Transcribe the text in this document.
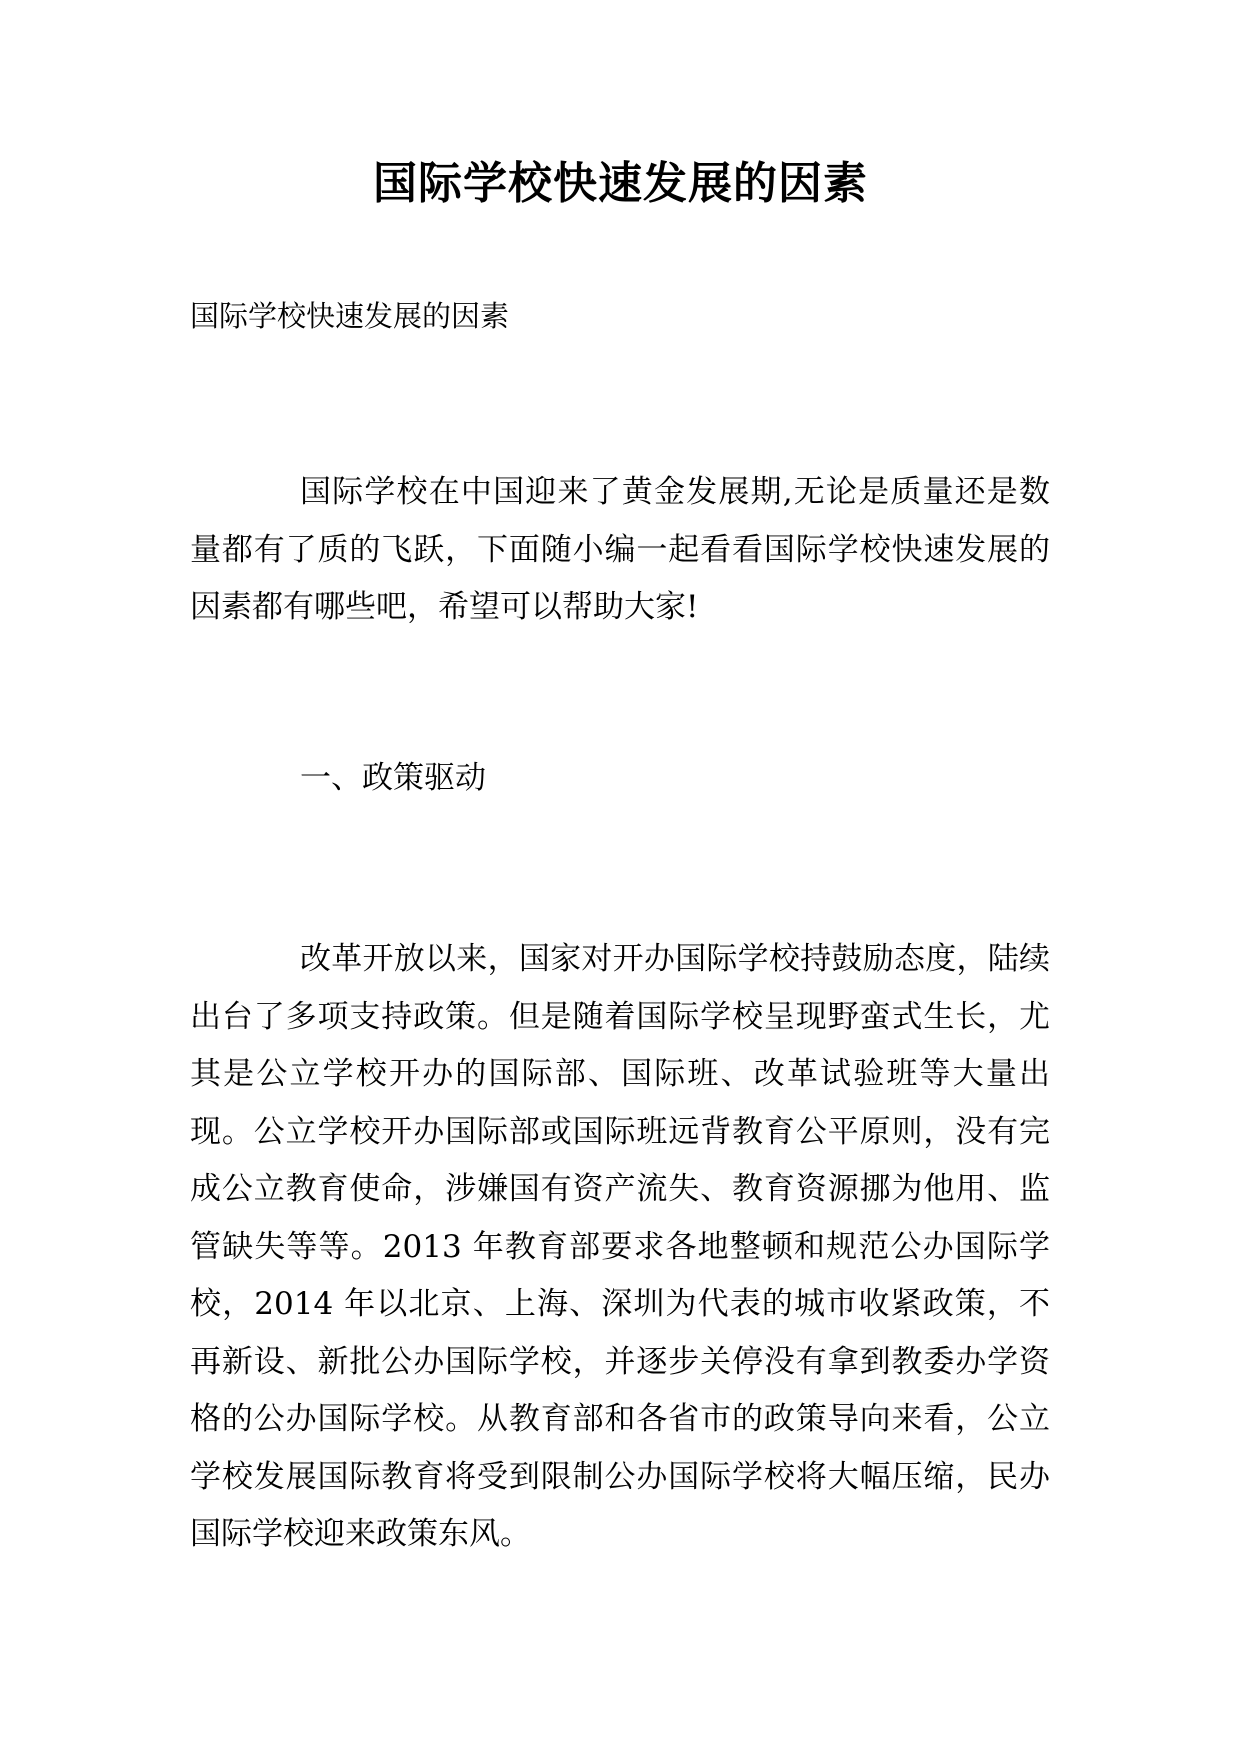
国际学校快速发展的因素

国际学校快速发展的因素

国际学校在中国迎来了黄金发展期,无论是质量还是数量都有了质的飞跃，下面随小编一起看看国际学校快速发展的因素都有哪些吧，希望可以帮助大家!

一、政策驱动

改革开放以来，国家对开办国际学校持鼓励态度，陆续出台了多项支持政策。但是随着国际学校呈现野蛮式生长，尤其是公立学校开办的国际部、国际班、改革试验班等大量出现。公立学校开办国际部或国际班远背教育公平原则，没有完成公立教育使命，涉嫌国有资产流失、教育资源挪为他用、监管缺失等等。2013 年教育部要求各地整顿和规范公办国际学校，2014 年以北京、上海、深圳为代表的城市收紧政策，不再新设、新批公办国际学校，并逐步关停没有拿到教委办学资格的公办国际学校。从教育部和各省市的政策导向来看，公立学校发展国际教育将受到限制公办国际学校将大幅压缩，民办国际学校迎来政策东风。
